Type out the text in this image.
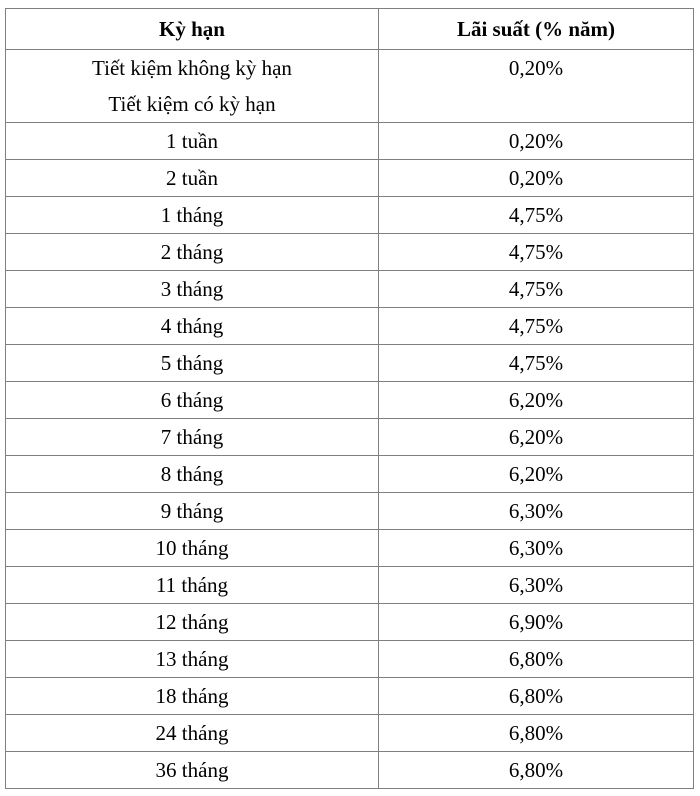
Kỳ hạn	Lãi suất (% năm)
Tiết kiệm không kỳ hạn	0,20%
Tiết kiệm có kỳ hạn	
1 tuần	0,20%
2 tuần	0,20%
1 tháng	4,75%
2 tháng	4,75%
3 tháng	4,75%
4 tháng	4,75%
5 tháng	4,75%
6 tháng	6,20%
7 tháng	6,20%
8 tháng	6,20%
9 tháng	6,30%
10 tháng	6,30%
11 tháng	6,30%
12 tháng	6,90%
13 tháng	6,80%
18 tháng	6,80%
24 tháng	6,80%
36 tháng	6,80%
